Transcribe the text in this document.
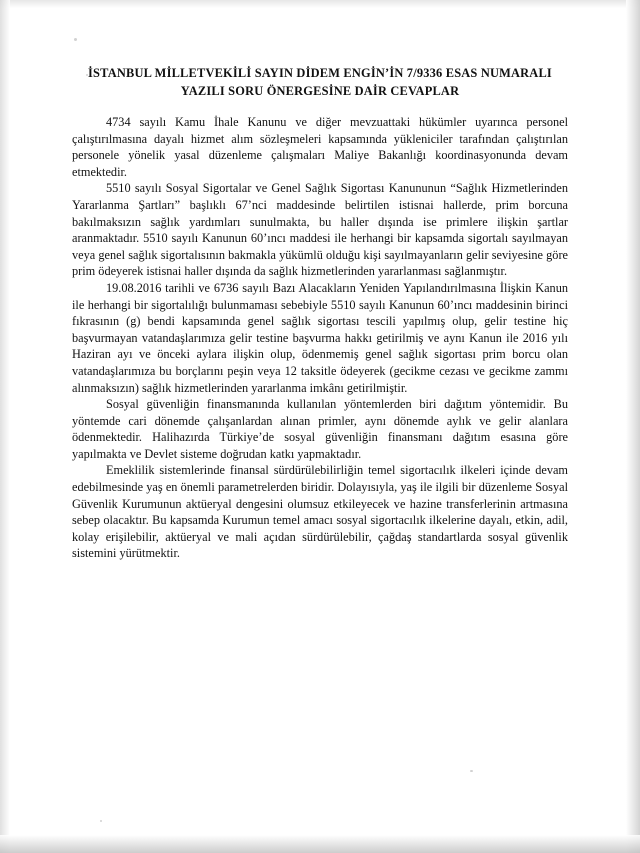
İSTANBUL MİLLETVEKİLİ SAYIN DİDEM ENGİN’İN 7/9336 ESAS NUMARALI
YAZILI SORU ÖNERGESİNE DAİR CEVAPLAR

4734 sayılı Kamu İhale Kanunu ve diğer mevzuattaki hükümler uyarınca personel çalıştırılmasına dayalı hizmet alım sözleşmeleri kapsamında yükleniciler tarafından çalıştırılan personele yönelik yasal düzenleme çalışmaları Maliye Bakanlığı koordinasyonunda devam etmektedir.

5510 sayılı Sosyal Sigortalar ve Genel Sağlık Sigortası Kanununun “Sağlık Hizmetlerinden Yararlanma Şartları” başlıklı 67’nci maddesinde belirtilen istisnai hallerde, prim borcuna bakılmaksızın sağlık yardımları sunulmakta, bu haller dışında ise primlere ilişkin şartlar aranmaktadır. 5510 sayılı Kanunun 60’ıncı maddesi ile herhangi bir kapsamda sigortalı sayılmayan veya genel sağlık sigortalısının bakmakla yükümlü olduğu kişi sayılmayanların gelir seviyesine göre prim ödeyerek istisnai haller dışında da sağlık hizmetlerinden yararlanması sağlanmıştır.

19.08.2016 tarihli ve 6736 sayılı Bazı Alacakların Yeniden Yapılandırılmasına İlişkin Kanun ile herhangi bir sigortalılığı bulunmaması sebebiyle 5510 sayılı Kanunun 60’ıncı maddesinin birinci fıkrasının (g) bendi kapsamında genel sağlık sigortası tescili yapılmış olup, gelir testine hiç başvurmayan vatandaşlarımıza gelir testine başvurma hakkı getirilmiş ve aynı Kanun ile 2016 yılı Haziran ayı ve önceki aylara ilişkin olup, ödenmemiş genel sağlık sigortası prim borcu olan vatandaşlarımıza bu borçlarını peşin veya 12 taksitle ödeyerek (gecikme cezası ve gecikme zammı alınmaksızın) sağlık hizmetlerinden yararlanma imkânı getirilmiştir.

Sosyal güvenliğin finansmanında kullanılan yöntemlerden biri dağıtım yöntemidir. Bu yöntemde cari dönemde çalışanlardan alınan primler, aynı dönemde aylık ve gelir alanlara ödenmektedir. Halihazırda Türkiye’de sosyal güvenliğin finansmanı dağıtım esasına göre yapılmakta ve Devlet sisteme doğrudan katkı yapmaktadır.

Emeklilik sistemlerinde finansal sürdürülebilirliğin temel sigortacılık ilkeleri içinde devam edebilmesinde yaş en önemli parametrelerden biridir. Dolayısıyla, yaş ile ilgili bir düzenleme Sosyal Güvenlik Kurumunun aktüeryal dengesini olumsuz etkileyecek ve hazine transferlerinin artmasına sebep olacaktır. Bu kapsamda Kurumun temel amacı sosyal sigortacılık ilkelerine dayalı, etkin, adil, kolay erişilebilir, aktüeryal ve mali açıdan sürdürülebilir, çağdaş standartlarda sosyal güvenlik sistemini yürütmektir.
